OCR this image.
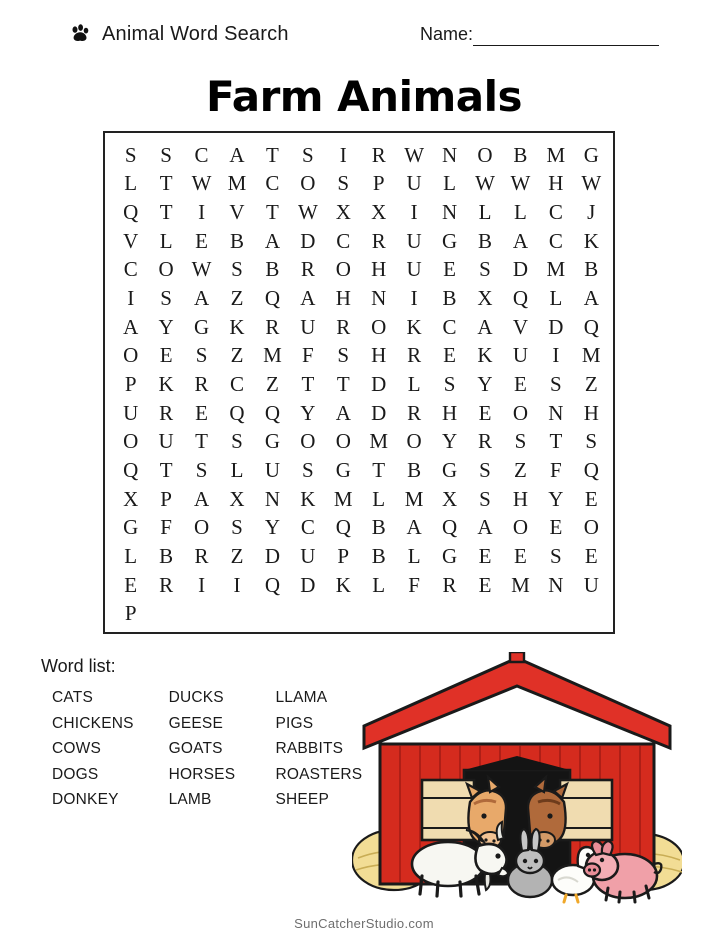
Animal Word Search	Name:
Farm Animals
S	S	C A	T	S	I	R W N O B M G
L	T W M C O	S	P	U	L W W H W
Q	T	I	V	T W X X	I	N	L	L	C	J
V	L	E	B A D C	R U G B A C K
C O W S	B	R O H U	E	S	D M B
I	S	A	Z	Q A H N	I	B X Q	L	A
A Y G K R U R O K C A V D Q
O	E	S	Z M F	S	H R	E	K U	I	M
P	K R	C	Z	T	T	D	L	S	Y	E	S	Z
U R	E	Q Q Y A D R H	E	O N H
O U	T	S	G O O M O Y R	S	T	S
Q	T	S	L	U	S	G	T	B G	S	Z	F	Q
X	P	A X N K M L M X	S	H Y	E
G	F	O	S	Y C Q B A Q A O	E	O
L	B	R	Z	D U	P	B	L	G	E	E	S	E
E	R	I	I	Q D K	L	F	R	E M N U
P
Word list:
CATS
CHICKENS
COWS
DOGS
DONKEY
DUCKS
GEESE
GOATS
HORSES
LAMB
LLAMA
PIGS
RABBITS
ROASTERS
SHEEP
SunCatcherStudio.com
